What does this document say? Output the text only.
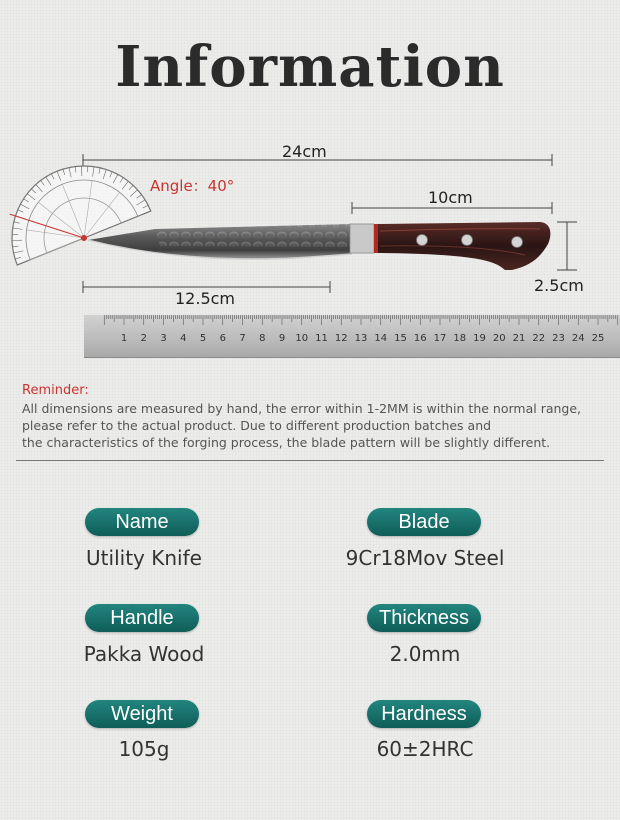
Information
24cm
10cm
12.5cm
2.5cm
Angle：40°
1 2 3 4 5 6 7 8 9 10 11 12 13 14 15 16 17 18 19 20 21 22 23 24 25
Reminder:
All dimensions are measured by hand, the error within 1-2MM is within the normal range,
please refer to the actual product. Due to different production batches and
the characteristics of the forging process, the blade pattern will be slightly different.
Name
Utility Knife
Blade
9Cr18Mov Steel
Handle
Pakka Wood
Thickness
2.0mm
Weight
105g
Hardness
60±2HRC
